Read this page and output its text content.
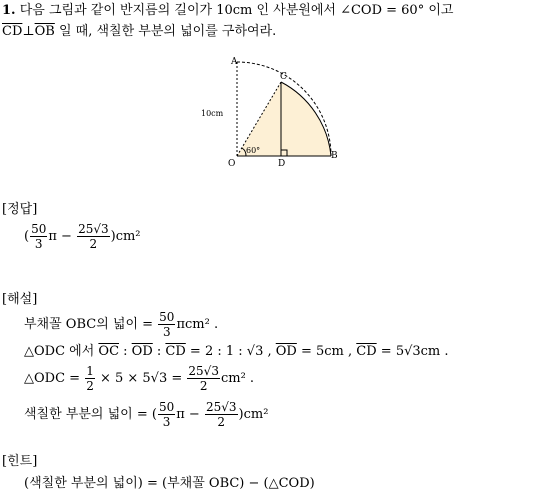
1. 다음 그림과 같이 반지름의 길이가 10cm 인 사분원에서 ∠COD = 60° 이고
$\overline{CD}\perp\overline{OB}$ 일 때, 색칠한 부분의 넓이를 구하여라.
A
C
O	D
B
10cm
60°
[정답]
( $\frac{50}{3}$ $\pi - \frac{25√3}{2} )cm^2$
[해설]
부채꼴 OBC의 넓이 = $\frac{50}{3} \pi cm^2$ .
△ODC 에서 $\overline{OC}$ : $\overline{OD}$ : $\overline{CD} = 2$ : 1 : √3 , $\overline{OD} = 5cm$ , $\overline{CD} = 5√3cm$ .
△ODC = $\frac{1}{2} \times 5 \times 5√3 = \frac{25√3}{2} cm^2$ .
색칠한 부분의 넓이 = ( $\frac{50}{3}$ $\pi - \frac{25√3}{2} )cm^2$
[힌트]
(색칠한 부분의 넓이) = (부채꼴 OBC) − (△COD)
